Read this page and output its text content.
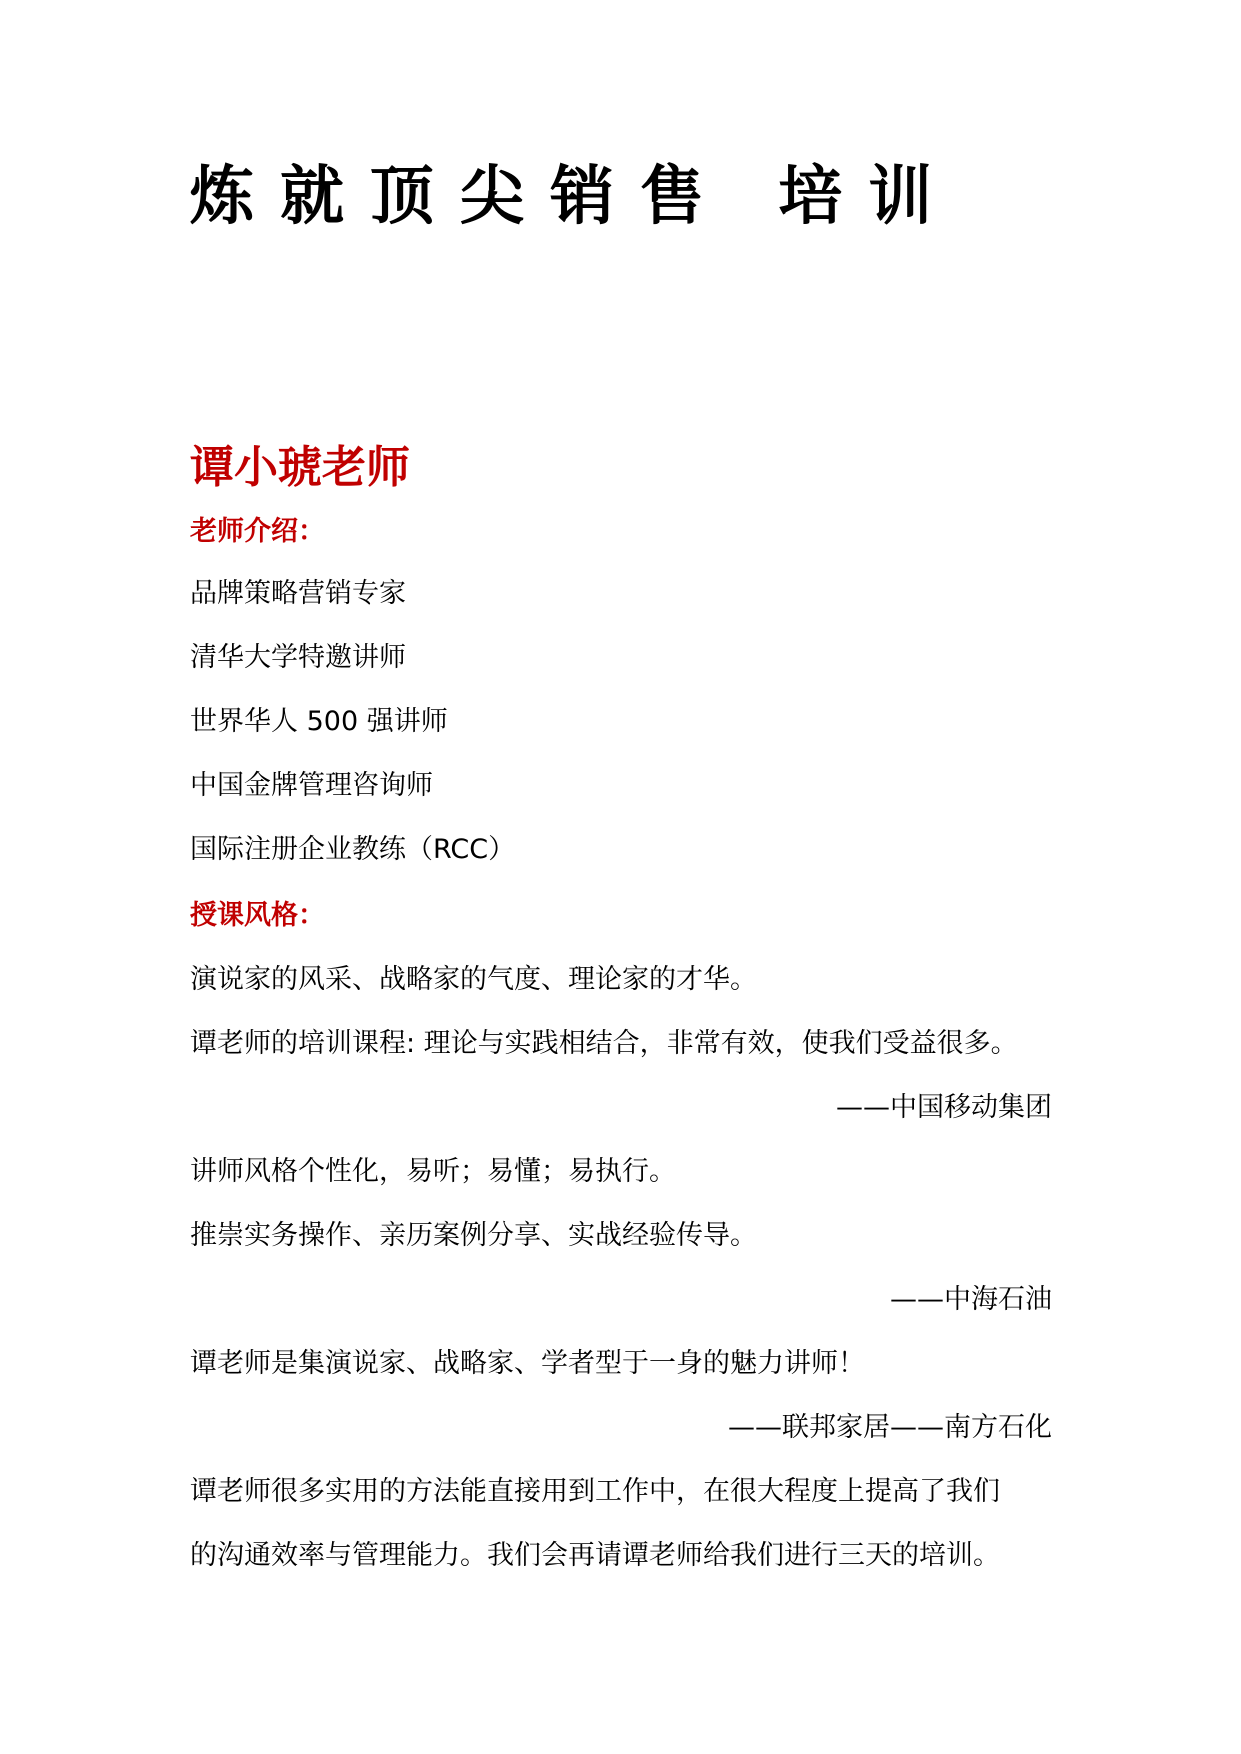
炼就顶尖销售 培训
谭小琥老师
老师介绍：

品牌策略营销专家

清华大学特邀讲师

世界华人 500 强讲师

中国金牌管理咨询师

国际注册企业教练（RCC）

授课风格：

演说家的风采、战略家的气度、理论家的才华。

谭老师的培训课程: 理论与实践相结合，非常有效，使我们受益很多。

——中国移动集团

讲师风格个性化，易听；易懂；易执行。

推崇实务操作、亲历案例分享、实战经验传导。

——中海石油

谭老师是集演说家、战略家、学者型于一身的魅力讲师！

——联邦家居——南方石化

谭老师很多实用的方法能直接用到工作中，在很大程度上提高了我们

的沟通效率与管理能力。我们会再请谭老师给我们进行三天的培训。
